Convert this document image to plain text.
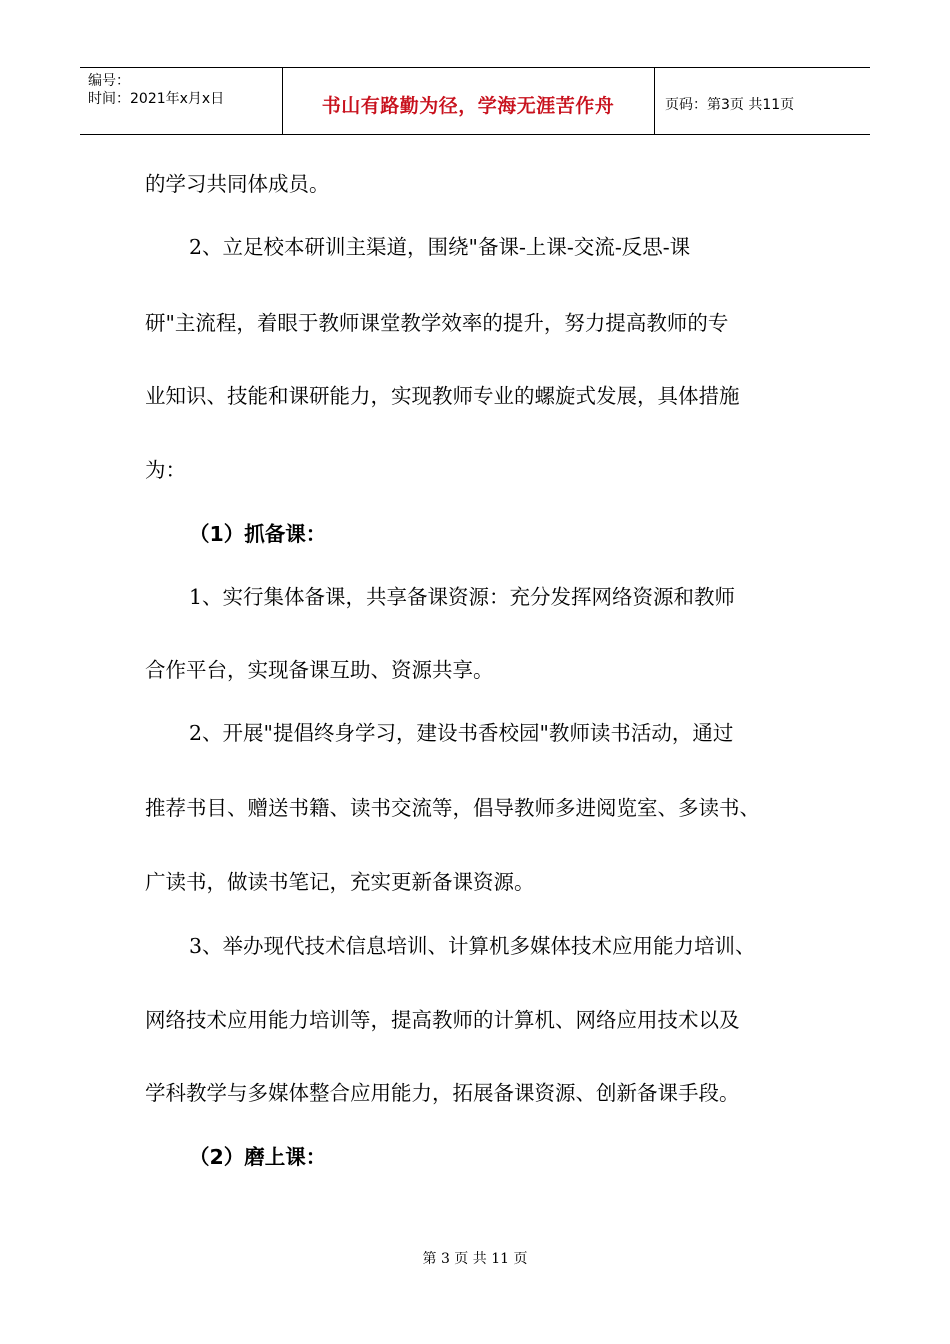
编号：
时间：2021年x月x日	书山有路勤为径，学海无涯苦作舟	页码：第3页 共11页
的学习共同体成员。
2、立足校本研训主渠道，围绕"备课-上课-交流-反思-课
研"主流程，着眼于教师课堂教学效率的提升，努力提高教师的专
业知识、技能和课研能力，实现教师专业的螺旋式发展，具体措施
为：
（1）抓备课：
1、实行集体备课，共享备课资源：充分发挥网络资源和教师
合作平台，实现备课互助、资源共享。
2、开展"提倡终身学习，建设书香校园"教师读书活动，通过
推荐书目、赠送书籍、读书交流等，倡导教师多进阅览室、多读书、
广读书，做读书笔记，充实更新备课资源。
3、举办现代技术信息培训、计算机多媒体技术应用能力培训、
网络技术应用能力培训等，提高教师的计算机、网络应用技术以及
学科教学与多媒体整合应用能力，拓展备课资源、创新备课手段。
（2）磨上课：
第 3 页 共 11 页
